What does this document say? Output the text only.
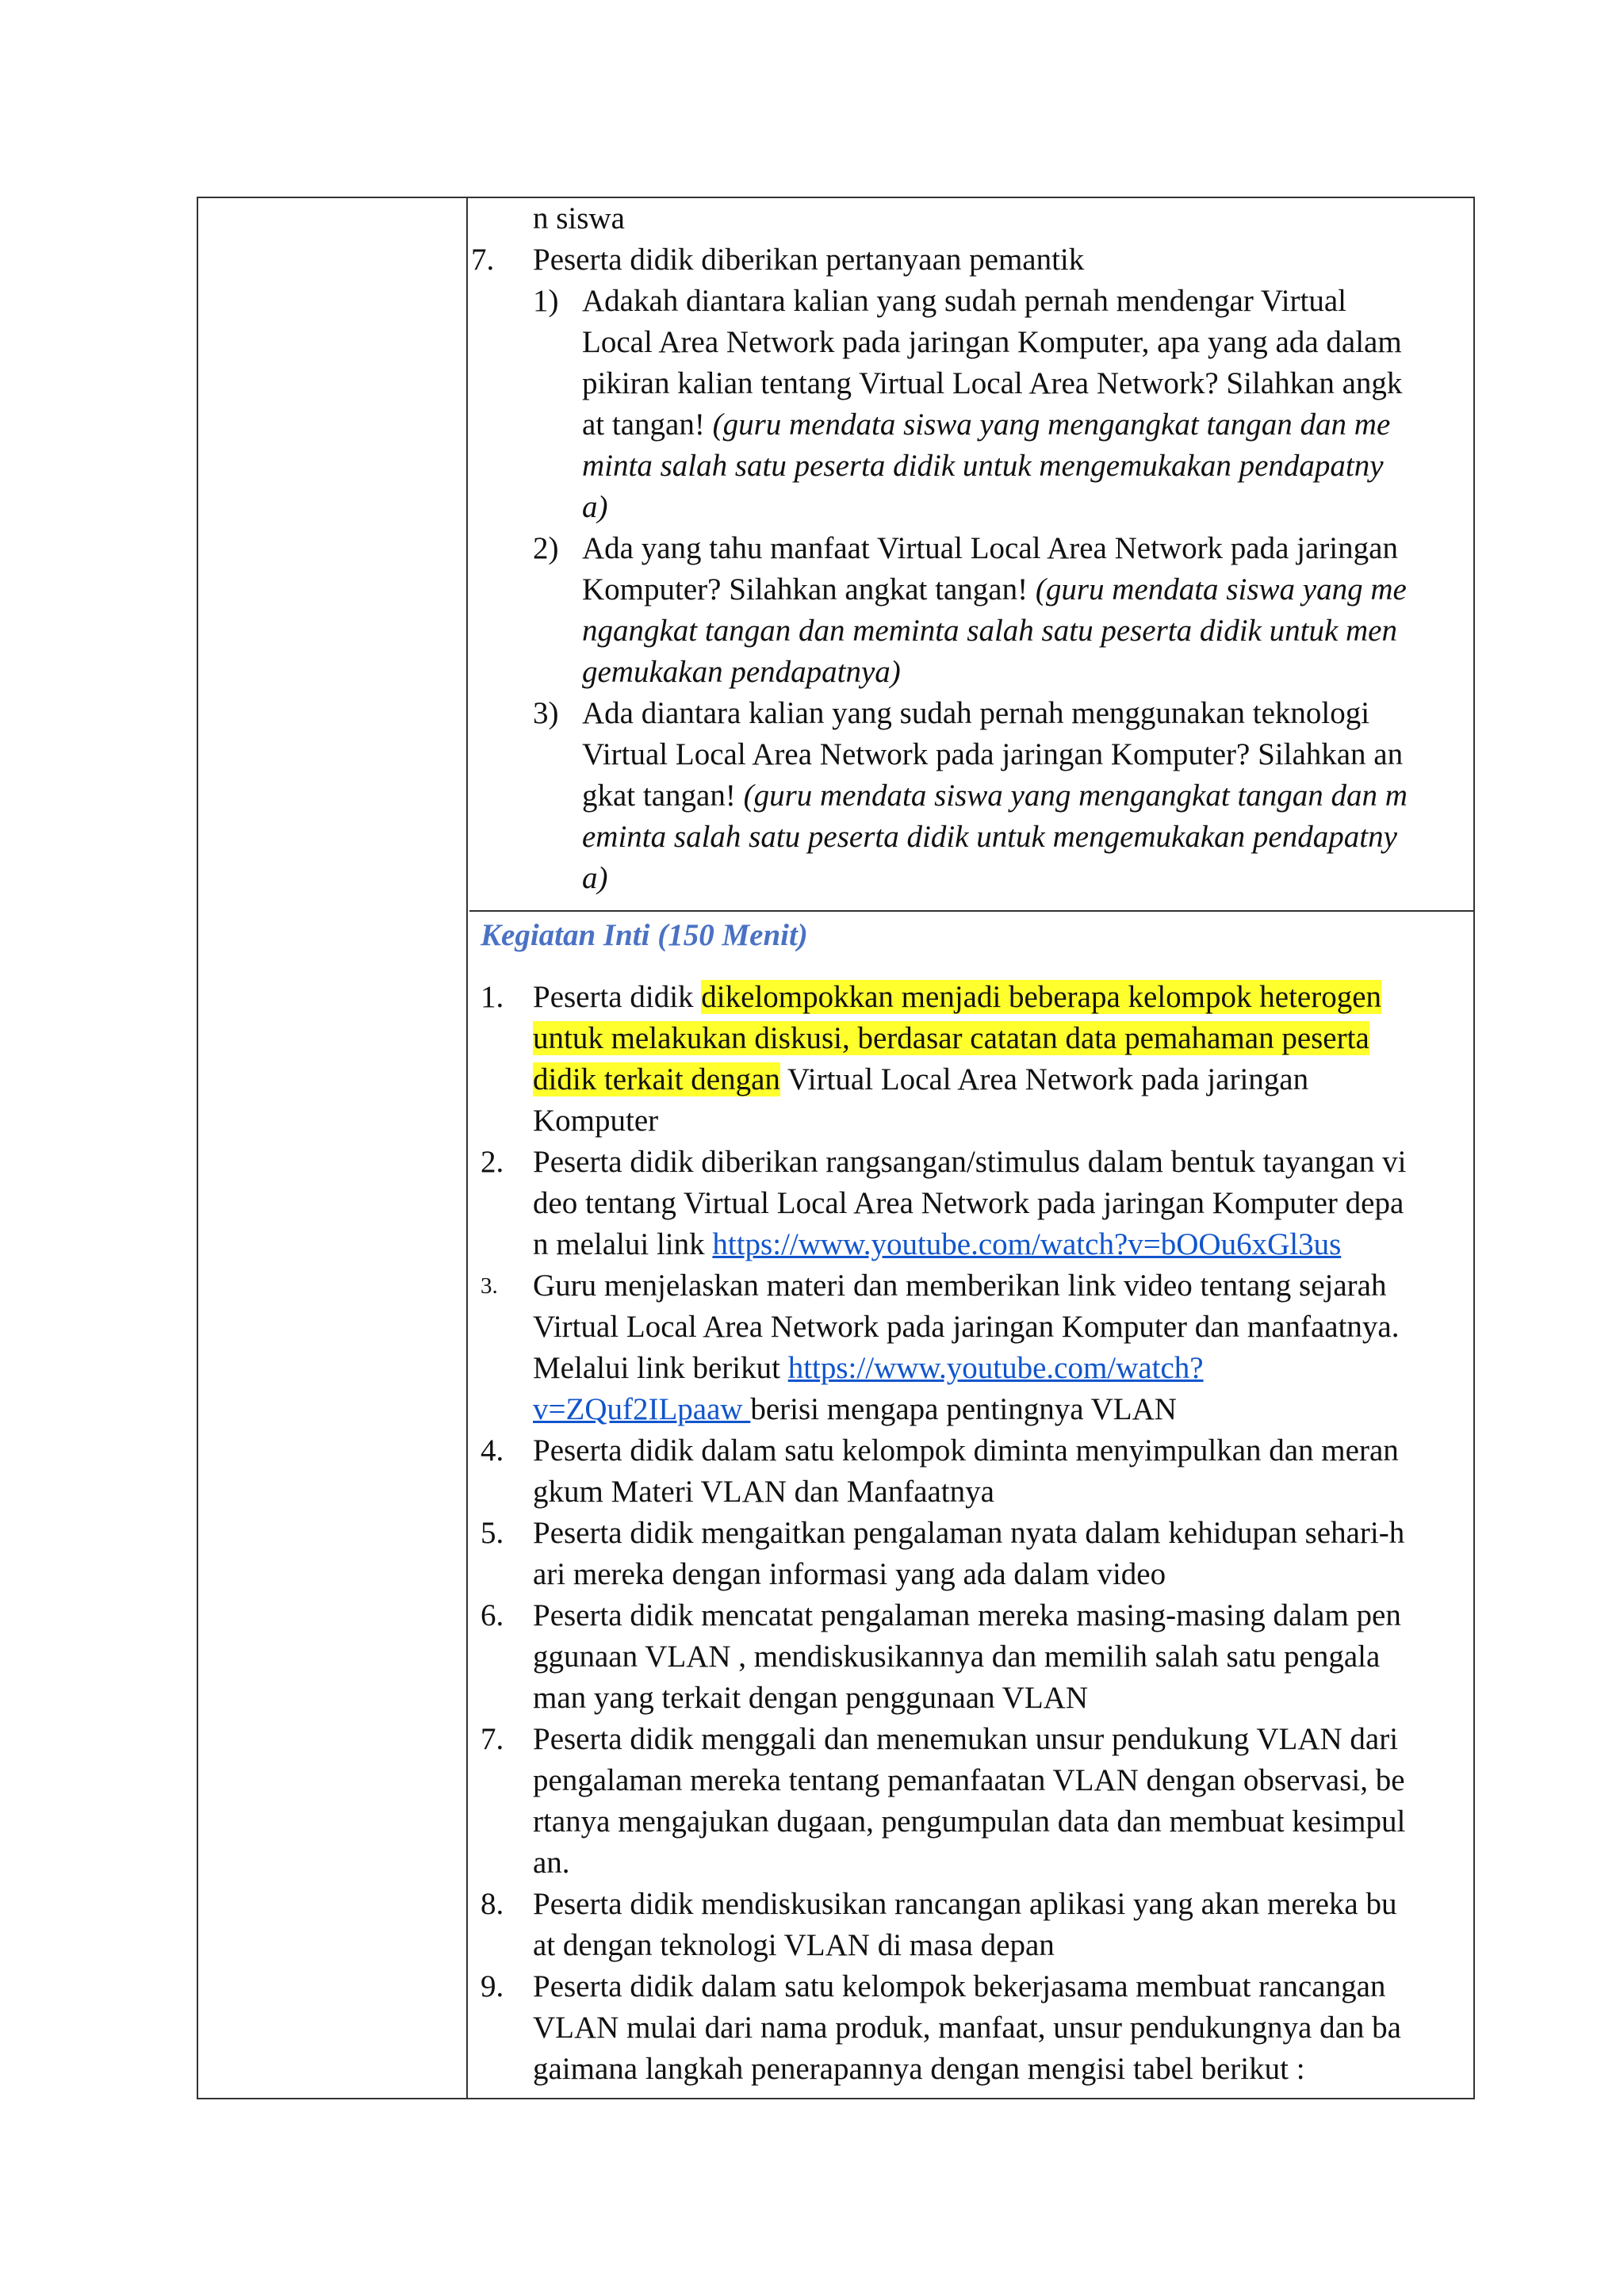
n siswa
7. Peserta didik diberikan pertanyaan pemantik
1) Adakah diantara kalian yang sudah pernah mendengar Virtual
Local Area Network pada jaringan Komputer, apa yang ada dalam
pikiran kalian tentang Virtual Local Area Network? Silahkan angk
at tangan! (guru mendata siswa yang mengangkat tangan dan me
minta salah satu peserta didik untuk mengemukakan pendapatny
a)
2) Ada yang tahu manfaat Virtual Local Area Network pada jaringan
Komputer? Silahkan angkat tangan! (guru mendata siswa yang me
ngangkat tangan dan meminta salah satu peserta didik untuk men
gemukakan pendapatnya)
3) Ada diantara kalian yang sudah pernah menggunakan teknologi
Virtual Local Area Network pada jaringan Komputer? Silahkan an
gkat tangan! (guru mendata siswa yang mengangkat tangan dan m
eminta salah satu peserta didik untuk mengemukakan pendapatny
a)
Kegiatan Inti (150 Menit)
1. Peserta didik dikelompokkan menjadi beberapa kelompok heterogen
untuk melakukan diskusi, berdasar catatan data pemahaman peserta
didik terkait dengan Virtual Local Area Network pada jaringan
Komputer
2. Peserta didik diberikan rangsangan/stimulus dalam bentuk tayangan vi
deo tentang Virtual Local Area Network pada jaringan Komputer depa
n melalui link https://www.youtube.com/watch?v=bOOu6xGl3us
3. Guru menjelaskan materi dan memberikan link video tentang sejarah
Virtual Local Area Network pada jaringan Komputer dan manfaatnya.
Melalui link berikut https://www.youtube.com/watch?
v=ZQuf2ILpaaw berisi mengapa pentingnya VLAN
4. Peserta didik dalam satu kelompok diminta menyimpulkan dan meran
gkum Materi VLAN dan Manfaatnya
5. Peserta didik mengaitkan pengalaman nyata dalam kehidupan sehari-h
ari mereka dengan informasi yang ada dalam video
6. Peserta didik mencatat pengalaman mereka masing-masing dalam pen
ggunaan VLAN , mendiskusikannya dan memilih salah satu pengala
man yang terkait dengan penggunaan VLAN
7. Peserta didik menggali dan menemukan unsur pendukung VLAN dari
pengalaman mereka tentang pemanfaatan VLAN dengan observasi, be
rtanya mengajukan dugaan, pengumpulan data dan membuat kesimpul
an.
8. Peserta didik mendiskusikan rancangan aplikasi yang akan mereka bu
at dengan teknologi VLAN di masa depan
9. Peserta didik dalam satu kelompok bekerjasama membuat rancangan
VLAN mulai dari nama produk, manfaat, unsur pendukungnya dan ba
gaimana langkah penerapannya dengan mengisi tabel berikut :
